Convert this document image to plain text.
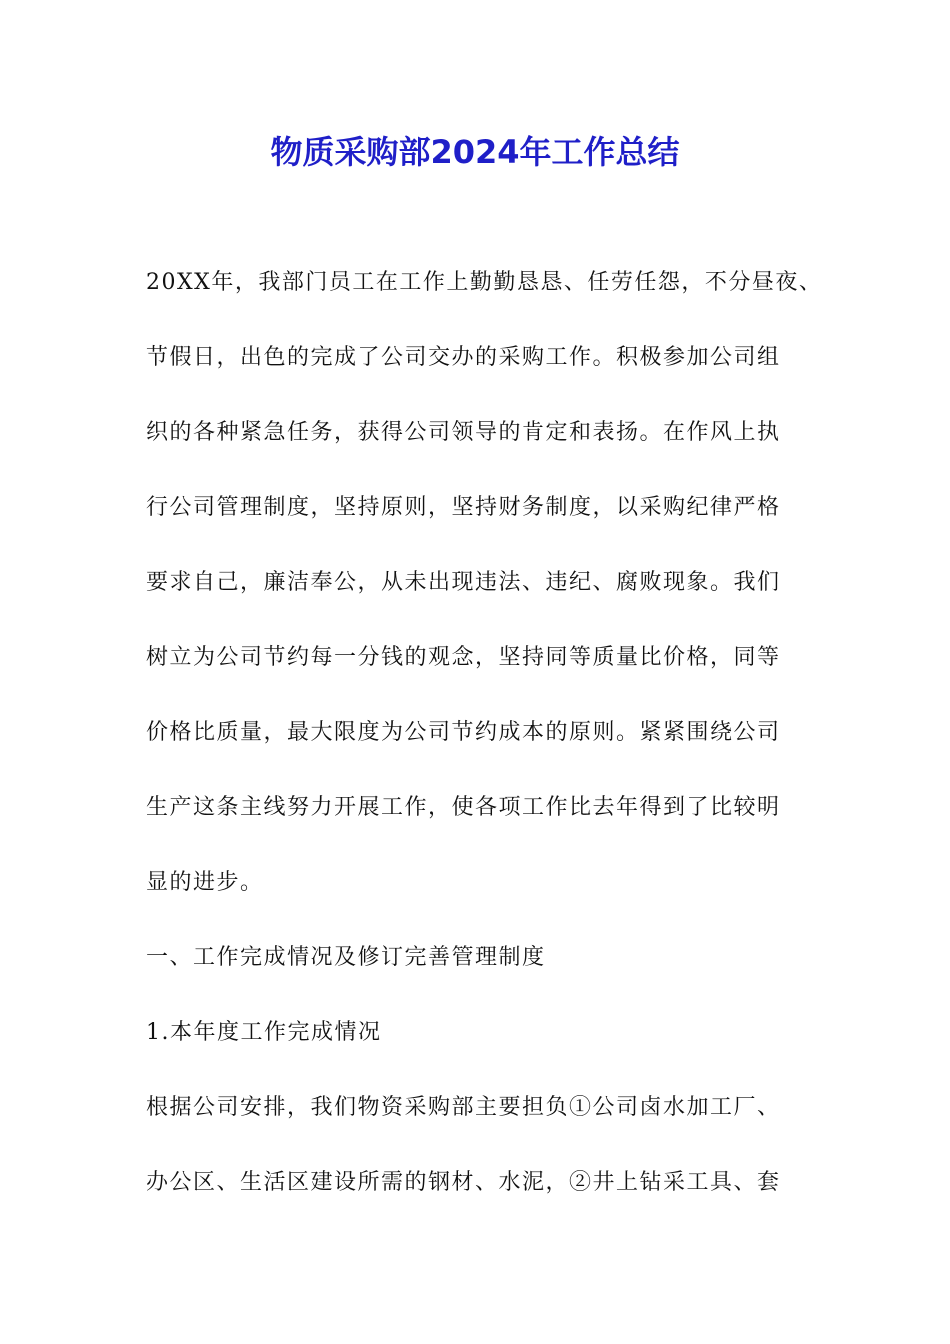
物质采购部2024年工作总结
20XX年，我部门员工在工作上勤勤恳恳、任劳任怨，不分昼夜、
节假日，出色的完成了公司交办的采购工作。积极参加公司组
织的各种紧急任务，获得公司领导的肯定和表扬。在作风上执
行公司管理制度，坚持原则，坚持财务制度，以采购纪律严格
要求自己，廉洁奉公，从未出现违法、违纪、腐败现象。我们
树立为公司节约每一分钱的观念，坚持同等质量比价格，同等
价格比质量，最大限度为公司节约成本的原则。紧紧围绕公司
生产这条主线努力开展工作，使各项工作比去年得到了比较明
显的进步。
一、工作完成情况及修订完善管理制度
1.本年度工作完成情况
根据公司安排，我们物资采购部主要担负①公司卤水加工厂、
办公区、生活区建设所需的钢材、水泥，②井上钻采工具、套
